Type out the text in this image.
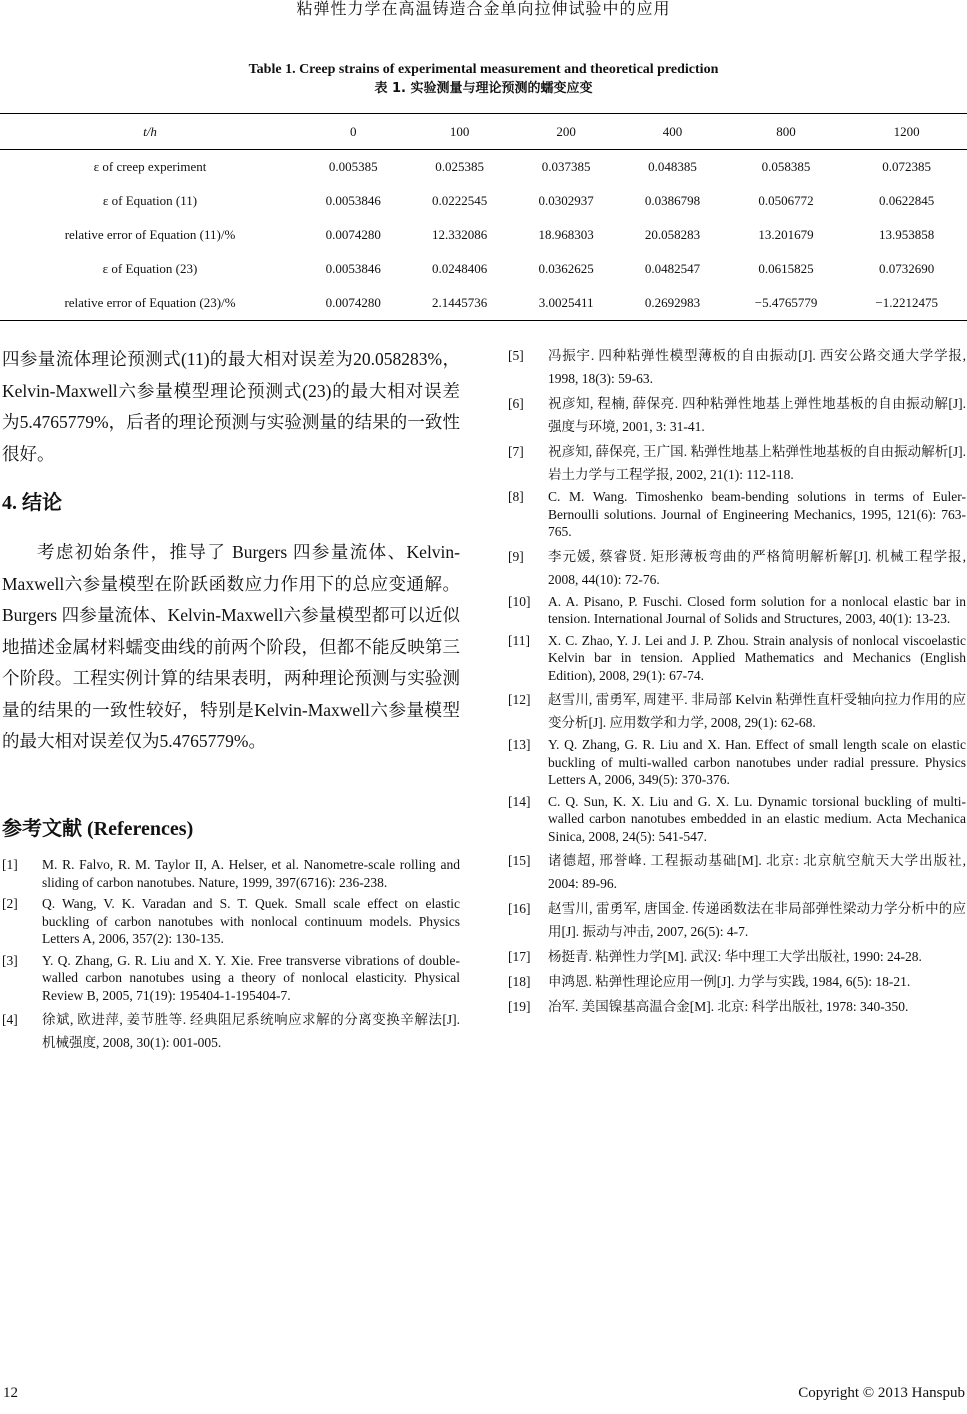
粘弹性力学在高温铸造合金单向拉伸试验中的应用
Table 1. Creep strains of experimental measurement and theoretical prediction
表 1. 实验测量与理论预测的蠕变应变
t/h	0	100	200	400	800	1200
ε of creep experiment	0.005385	0.025385	0.037385	0.048385	0.058385	0.072385
ε of Equation (11)	0.0053846	0.0222545	0.0302937	0.0386798	0.0506772	0.0622845
relative error of Equation (11)/%	0.0074280	12.332086	18.968303	20.058283	13.201679	13.953858
ε of Equation (23)	0.0053846	0.0248406	0.0362625	0.0482547	0.0615825	0.0732690
relative error of Equation (23)/%	0.0074280	2.1445736	3.0025411	0.2692983	−5.4765779	−1.2212475

四参量流体理论预测式(11)的最大相对误差为20.058283%，Kelvin-Maxwell六参量模型理论预测式(23)的最大相对误差为5.4765779%，后者的理论预测与实验测量的结果的一致性很好。

4. 结论

考虑初始条件，推导了 Burgers 四参量流体、Kelvin-Maxwell六参量模型在阶跃函数应力作用下的总应变通解。Burgers 四参量流体、Kelvin-Maxwell六参量模型都可以近似地描述金属材料蠕变曲线的前两个阶段，但都不能反映第三个阶段。工程实例计算的结果表明，两种理论预测与实验测量的结果的一致性较好，特别是Kelvin-Maxwell六参量模型的最大相对误差仅为5.4765779%。

参考文献 (References)
[1] M. R. Falvo, R. M. Taylor II, A. Helser, et al. Nanometre-scale rolling and sliding of carbon nanotubes. Nature, 1999, 397(6716): 236-238.
[2] Q. Wang, V. K. Varadan and S. T. Quek. Small scale effect on elastic buckling of carbon nanotubes with nonlocal continuum models. Physics Letters A, 2006, 357(2): 130-135.
[3] Y. Q. Zhang, G. R. Liu and X. Y. Xie. Free transverse vibrations of double-walled carbon nanotubes using a theory of nonlocal elasticity. Physical Review B, 2005, 71(19): 195404-1-195404-7.
[4] 徐斌, 欧进萍, 姜节胜等. 经典阻尼系统响应求解的分离变换辛解法[J]. 机械强度, 2008, 30(1): 001-005.
[5] 冯振宇. 四种粘弹性模型薄板的自由振动[J]. 西安公路交通大学学报, 1998, 18(3): 59-63.
[6] 祝彦知, 程楠, 薛保亮. 四种粘弹性地基上弹性地基板的自由振动解[J]. 强度与环境, 2001, 3: 31-41.
[7] 祝彦知, 薛保亮, 王广国. 粘弹性地基上粘弹性地基板的自由振动解析[J]. 岩土力学与工程学报, 2002, 21(1): 112-118.
[8] C. M. Wang. Timoshenko beam-bending solutions in terms of Euler-Bernoulli solutions. Journal of Engineering Mechanics, 1995, 121(6): 763-765.
[9] 李元媛, 蔡睿贤. 矩形薄板弯曲的严格简明解析解[J]. 机械工程学报, 2008, 44(10): 72-76.
[10] A. A. Pisano, P. Fuschi. Closed form solution for a nonlocal elastic bar in tension. International Journal of Solids and Structures, 2003, 40(1): 13-23.
[11] X. C. Zhao, Y. J. Lei and J. P. Zhou. Strain analysis of nonlocal viscoelastic Kelvin bar in tension. Applied Mathematics and Mechanics (English Edition), 2008, 29(1): 67-74.
[12] 赵雪川, 雷勇军, 周建平. 非局部 Kelvin 粘弹性直杆受轴向拉力作用的应变分析[J]. 应用数学和力学, 2008, 29(1): 62-68.
[13] Y. Q. Zhang, G. R. Liu and X. Han. Effect of small length scale on elastic buckling of multi-walled carbon nanotubes under radial pressure. Physics Letters A, 2006, 349(5): 370-376.
[14] C. Q. Sun, K. X. Liu and G. X. Lu. Dynamic torsional buckling of multi-walled carbon nanotubes embedded in an elastic medium. Acta Mechanica Sinica, 2008, 24(5): 541-547.
[15] 诸德超, 邢誉峰. 工程振动基础[M]. 北京: 北京航空航天大学出版社, 2004: 89-96.
[16] 赵雪川, 雷勇军, 唐国金. 传递函数法在非局部弹性梁动力学分析中的应用[J]. 振动与冲击, 2007, 26(5): 4-7.
[17] 杨挺青. 粘弹性力学[M]. 武汉: 华中理工大学出版社, 1990: 24-28.
[18] 申鸿恩. 粘弹性理论应用一例[J]. 力学与实践, 1984, 6(5): 18-21.
[19] 冶军. 美国镍基高温合金[M]. 北京: 科学出版社, 1978: 340-350.
12	Copyright © 2013 Hanspub
